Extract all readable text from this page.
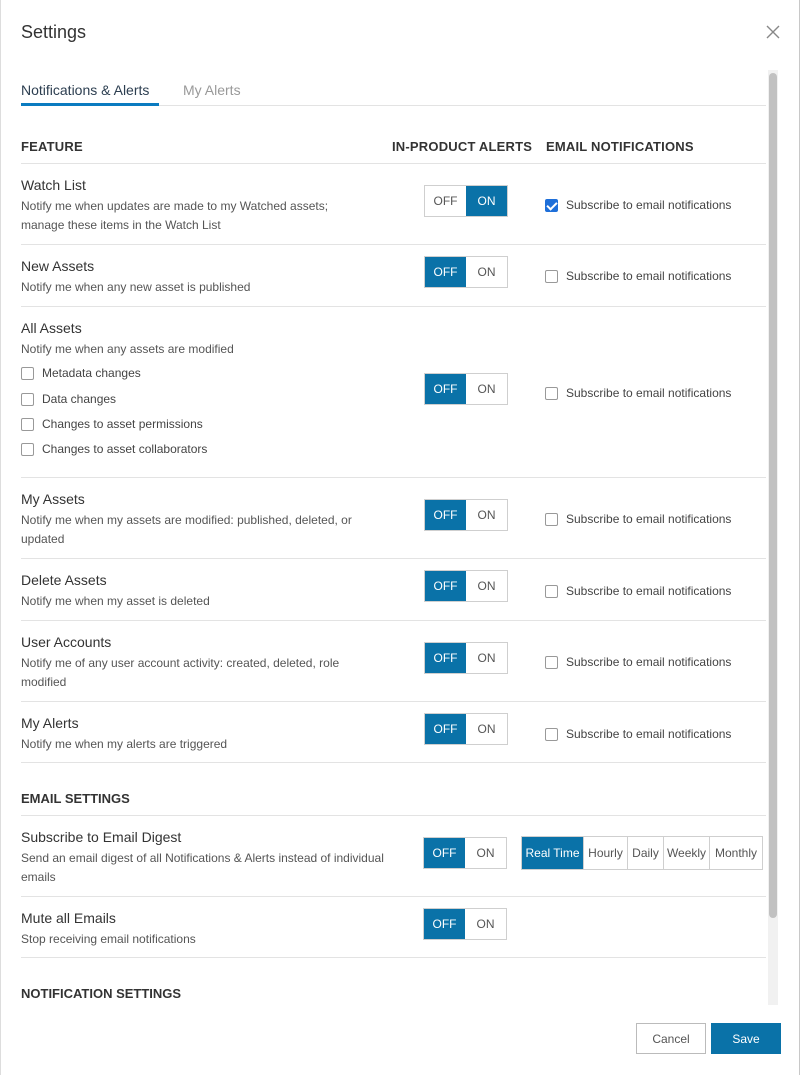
Settings
Notifications & Alerts	My Alerts
FEATURE	IN-PRODUCT ALERTS EMAIL NOTIFICATIONS
Watch List
Notify me when updates are made to my Watched assets; manage these items in the Watch List
OFF	ON	Subscribe to email notifications
New Assets
Notify me when any new asset is published
OFF	ON	Subscribe to email notifications
All Assets
Notify me when any assets are modified
Metadata changes
Data changes
Changes to asset permissions
Changes to asset collaborators
OFF	ON	Subscribe to email notifications
My Assets
Notify me when my assets are modified: published, deleted, or updated
OFF	ON	Subscribe to email notifications
Delete Assets
Notify me when my asset is deleted
OFF	ON	Subscribe to email notifications
User Accounts
Notify me of any user account activity: created, deleted, role modified
OFF	ON	Subscribe to email notifications
My Alerts
Notify me when my alerts are triggered
OFF	ON	Subscribe to email notifications
EMAIL SETTINGS
Subscribe to Email Digest
Send an email digest of all Notifications & Alerts instead of individual emails
OFF	ON	Real Time Hourly Daily Weekly Monthly
Mute all Emails
Stop receiving email notifications
OFF	ON
NOTIFICATION SETTINGS
Cancel	Save
